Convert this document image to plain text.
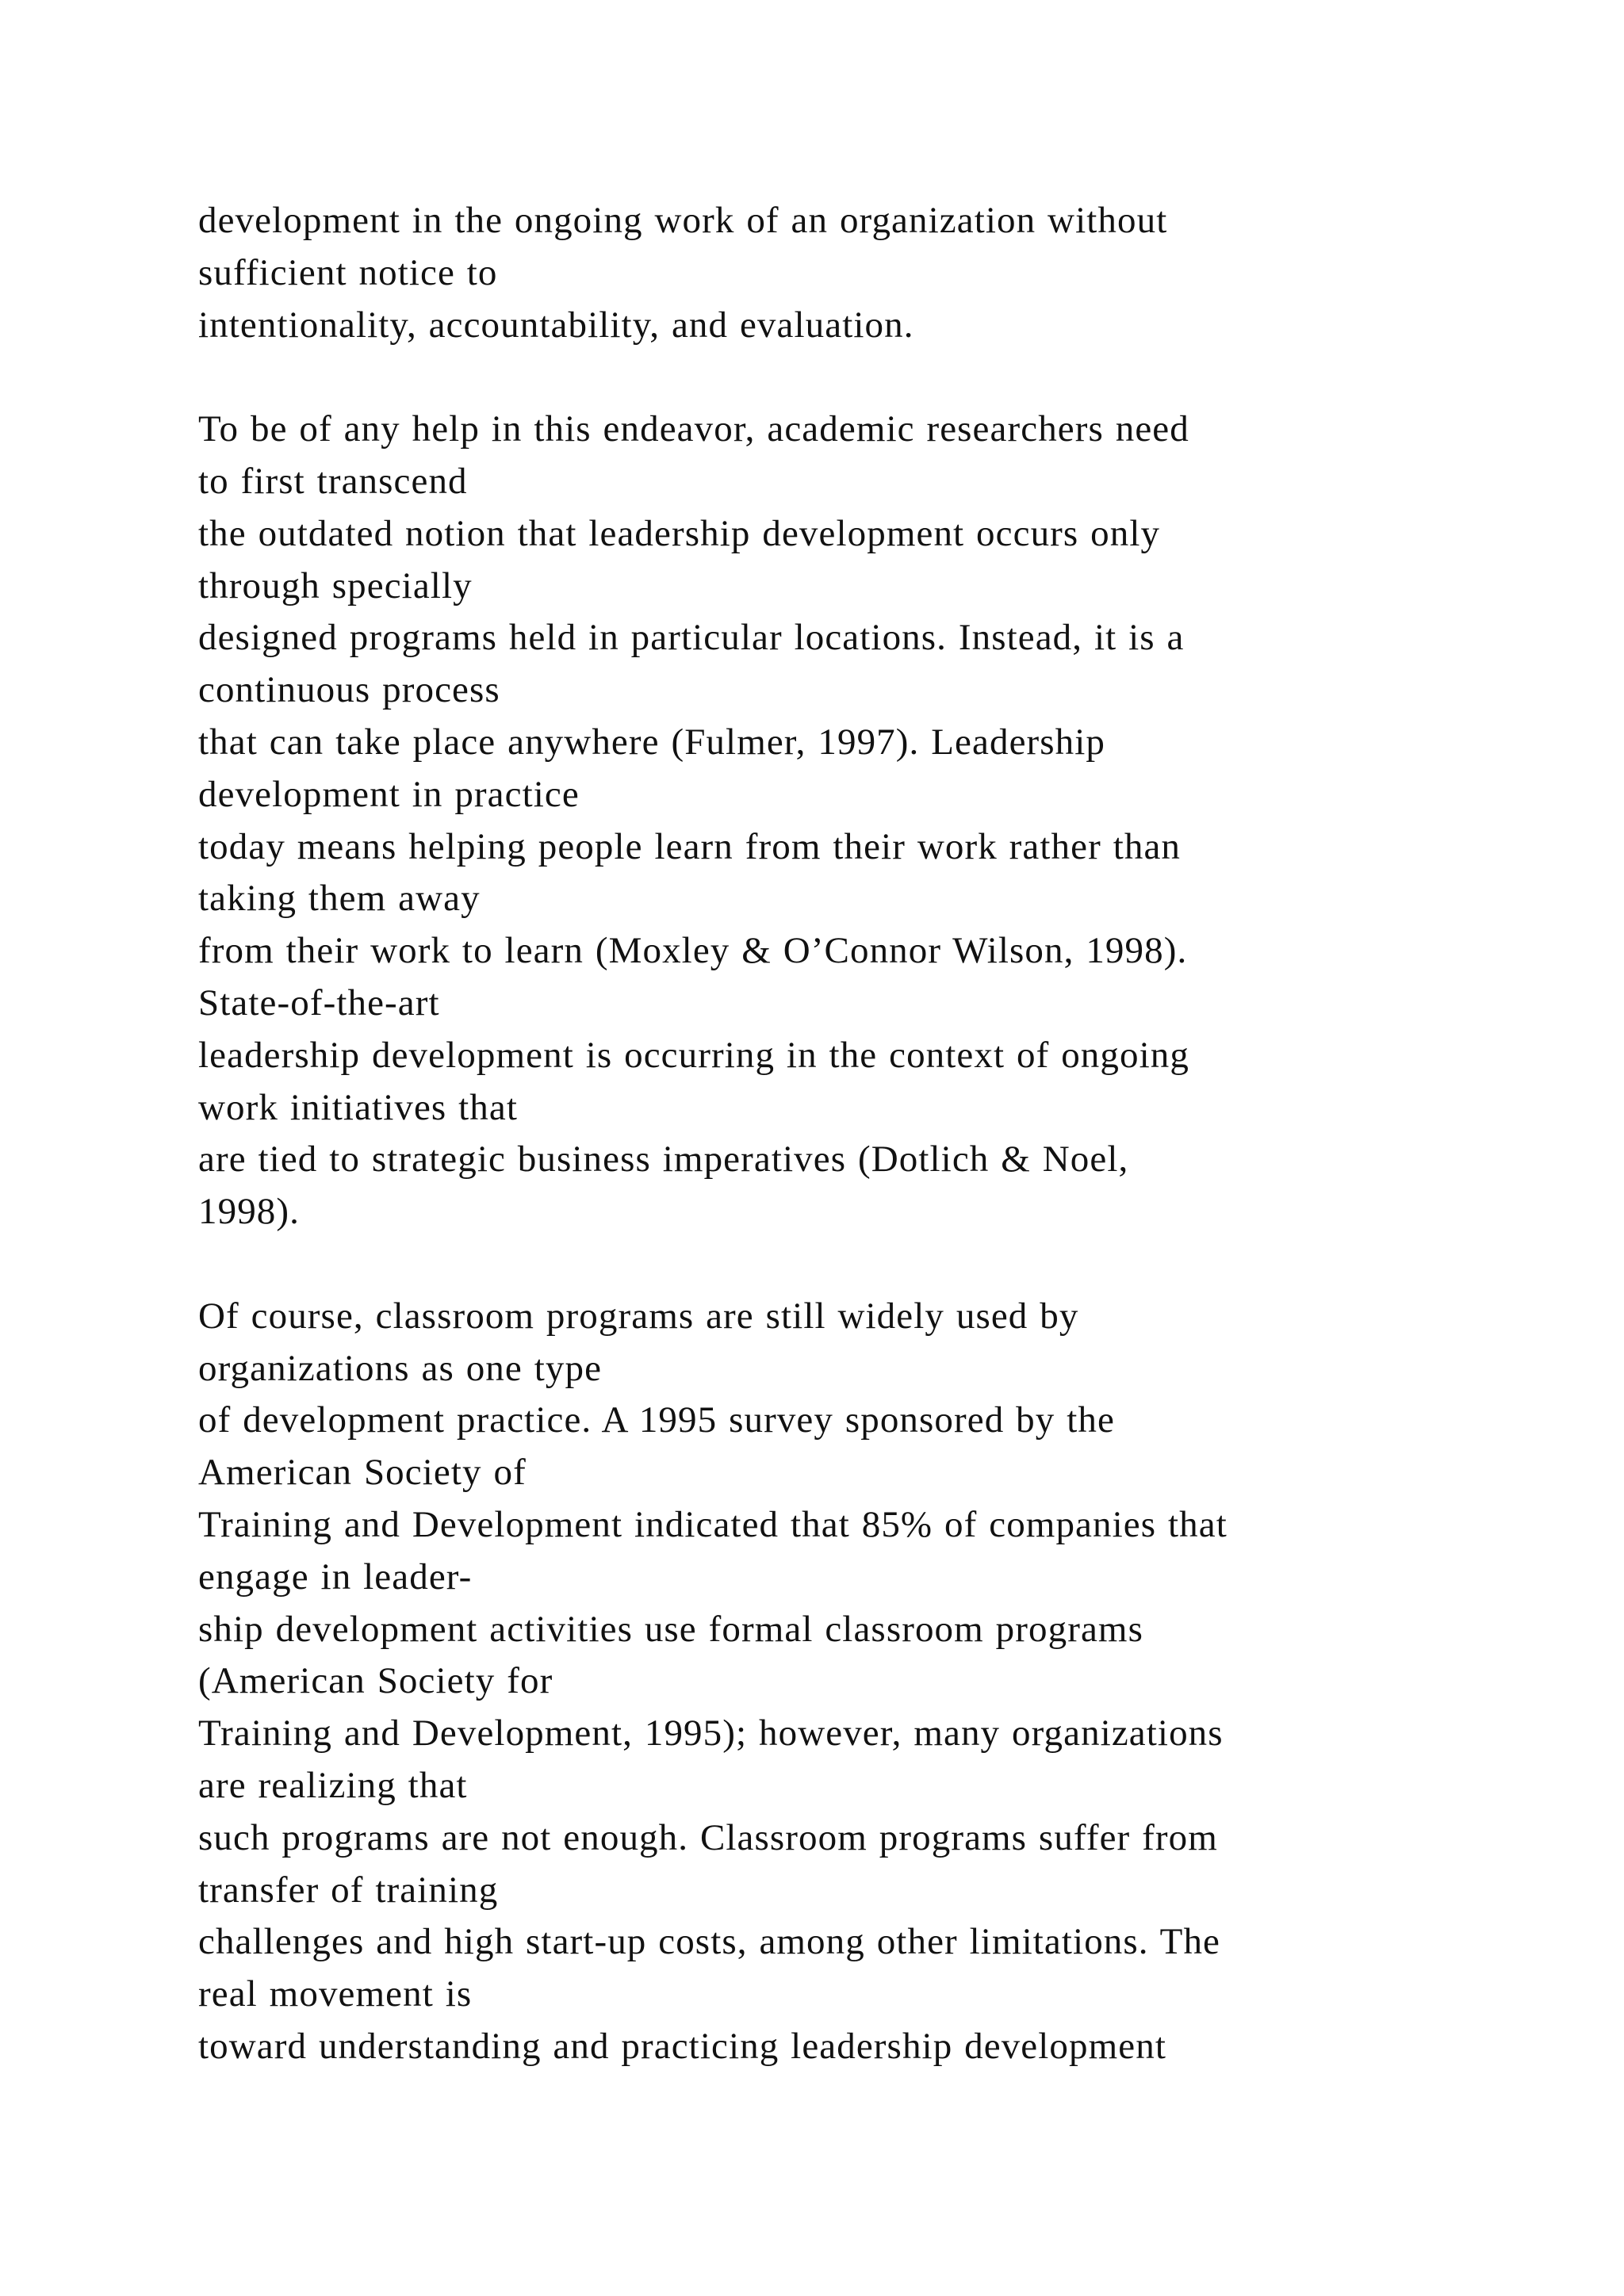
development in the ongoing work of an organization without
sufficient notice to
intentionality, accountability, and evaluation.
To be of any help in this endeavor, academic researchers need
to first transcend
the outdated notion that leadership development occurs only
through specially
designed programs held in particular locations. Instead, it is a
continuous process
that can take place anywhere (Fulmer, 1997). Leadership
development in practice
today means helping people learn from their work rather than
taking them away
from their work to learn (Moxley & O’Connor Wilson, 1998).
State-of-the-art
leadership development is occurring in the context of ongoing
work initiatives that
are tied to strategic business imperatives (Dotlich & Noel,
1998).
Of course, classroom programs are still widely used by
organizations as one type
of development practice. A 1995 survey sponsored by the
American Society of
Training and Development indicated that 85% of companies that
engage in leader-
ship development activities use formal classroom programs
(American Society for
Training and Development, 1995); however, many organizations
are realizing that
such programs are not enough. Classroom programs suffer from
transfer of training
challenges and high start-up costs, among other limitations. The
real movement is
toward understanding and practicing leadership development
